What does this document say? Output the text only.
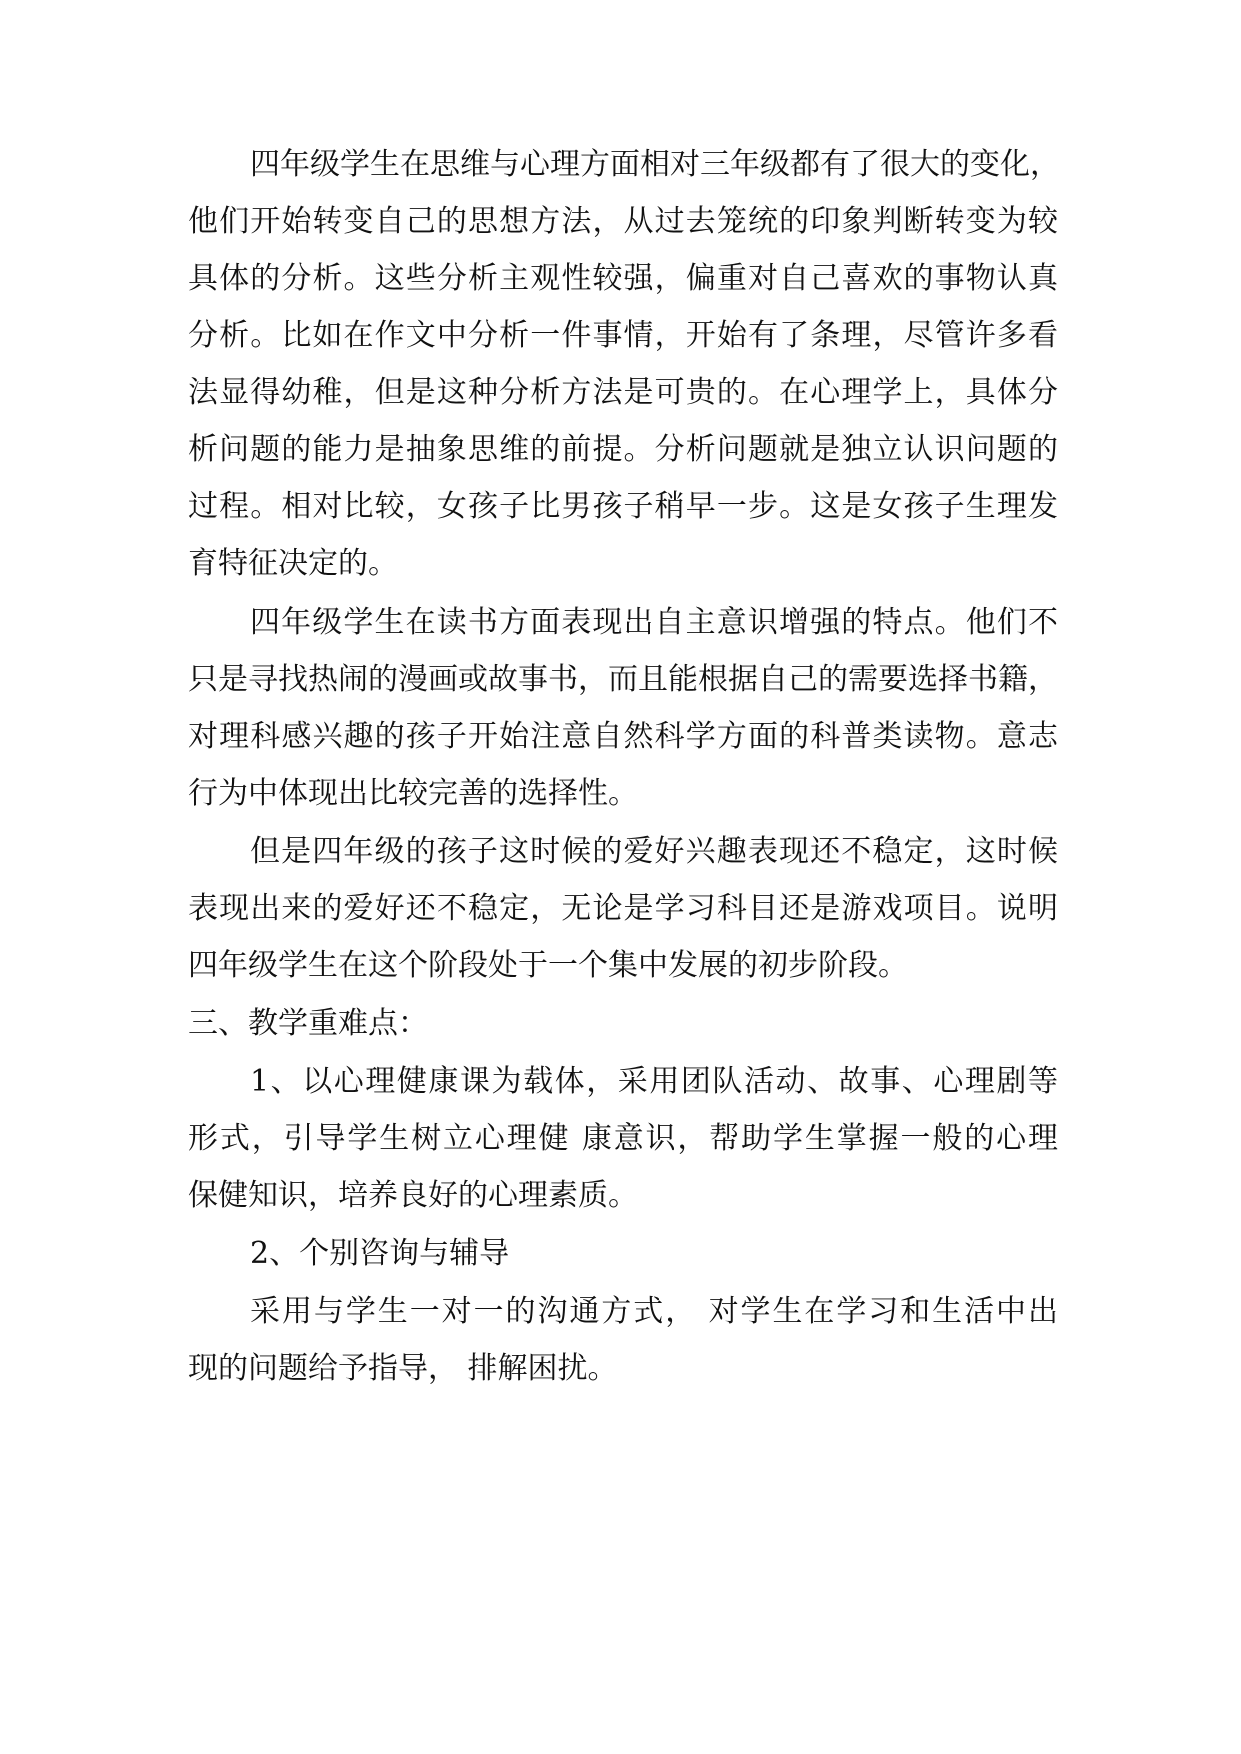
四年级学生在思维与心理方面相对三年级都有了很大的变化，
他们开始转变自己的思想方法，从过去笼统的印象判断转变为较
具体的分析。这些分析主观性较强，偏重对自己喜欢的事物认真
分析。比如在作文中分析一件事情，开始有了条理，尽管许多看
法显得幼稚，但是这种分析方法是可贵的。在心理学上，具体分
析问题的能力是抽象思维的前提。分析问题就是独立认识问题的
过程。相对比较，女孩子比男孩子稍早一步。这是女孩子生理发
育特征决定的。
四年级学生在读书方面表现出自主意识增强的特点。他们不
只是寻找热闹的漫画或故事书，而且能根据自己的需要选择书籍，
对理科感兴趣的孩子开始注意自然科学方面的科普类读物。意志
行为中体现出比较完善的选择性。
但是四年级的孩子这时候的爱好兴趣表现还不稳定，这时候
表现出来的爱好还不稳定，无论是学习科目还是游戏项目。说明
四年级学生在这个阶段处于一个集中发展的初步阶段。
三、教学重难点：
1、以心理健康课为载体，采用团队活动、故事、心理剧等
形式，引导学生树立心理健 康意识，帮助学生掌握一般的心理
保健知识，培养良好的心理素质。
2、个别咨询与辅导
采用与学生一对一的沟通方式， 对学生在学习和生活中出
现的问题给予指导， 排解困扰。
